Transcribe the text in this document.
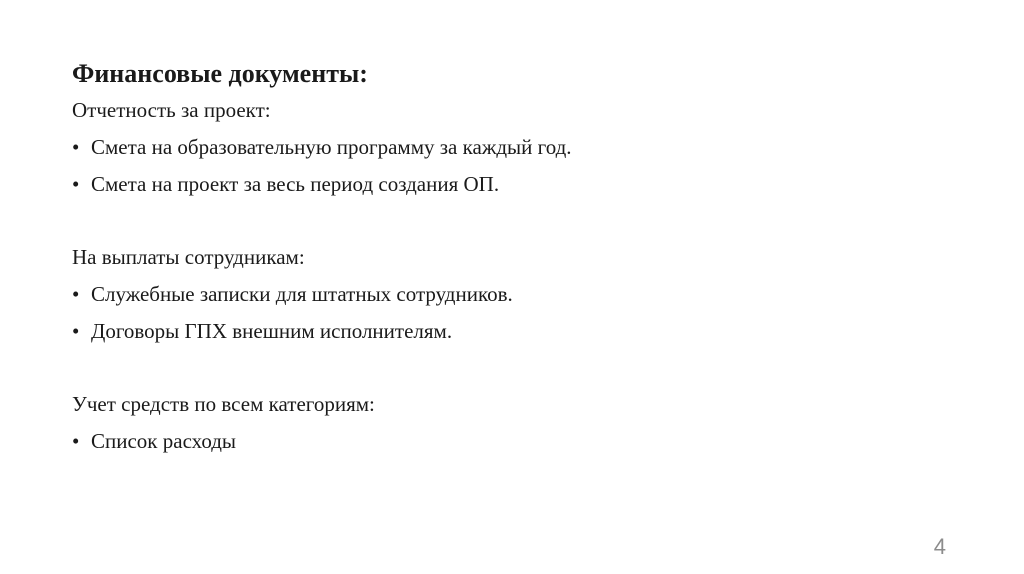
Финансовые документы:
Отчетность за проект:
• Смета на образовательную программу за каждый год.
• Смета на проект за весь период создания ОП.
На выплаты сотрудникам:
• Служебные записки для штатных сотрудников.
• Договоры ГПХ внешним исполнителям.
Учет средств по всем категориям:
• Список расходы
4
